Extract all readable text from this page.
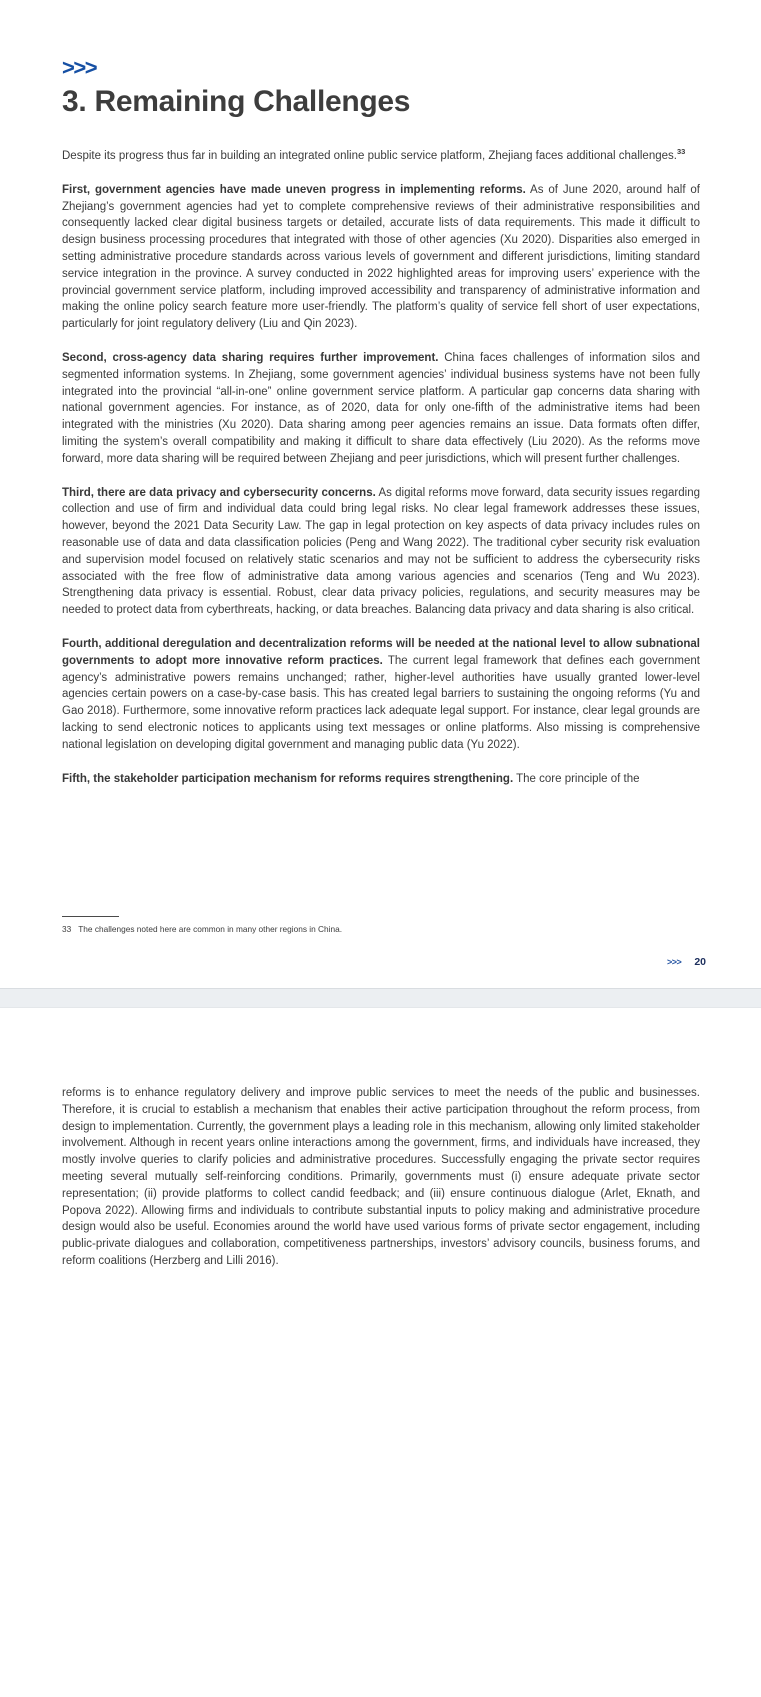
>>>
3. Remaining Challenges

Despite its progress thus far in building an integrated online public service platform, Zhejiang faces additional challenges.$^{33}$

First, government agencies have made uneven progress in implementing reforms. As of June 2020, around half of Zhejiang’s government agencies had yet to complete comprehensive reviews of their administrative responsibilities and consequently lacked clear digital business targets or detailed, accurate lists of data requirements. This made it difficult to design business processing procedures that integrated with those of other agencies (Xu 2020). Disparities also emerged in setting administrative procedure standards across various levels of government and different jurisdictions, limiting standard service integration in the province. A survey conducted in 2022 highlighted areas for improving users’ experience with the provincial government service platform, including improved accessibility and transparency of administrative information and making the online policy search feature more user-friendly. The platform’s quality of service fell short of user expectations, particularly for joint regulatory delivery (Liu and Qin 2023).

Second, cross-agency data sharing requires further improvement. China faces challenges of information silos and segmented information systems. In Zhejiang, some government agencies’ individual business systems have not been fully integrated into the provincial “all-in-one” online government service platform. A particular gap concerns data sharing with national government agencies. For instance, as of 2020, data for only one-fifth of the administrative items had been integrated with the ministries (Xu 2020). Data sharing among peer agencies remains an issue. Data formats often differ, limiting the system’s overall compatibility and making it difficult to share data effectively (Liu 2020). As the reforms move forward, more data sharing will be required between Zhejiang and peer jurisdictions, which will present further challenges.

Third, there are data privacy and cybersecurity concerns. As digital reforms move forward, data security issues regarding collection and use of firm and individual data could bring legal risks. No clear legal framework addresses these issues, however, beyond the 2021 Data Security Law. The gap in legal protection on key aspects of data privacy includes rules on reasonable use of data and data classification policies (Peng and Wang 2022). The traditional cyber security risk evaluation and supervision model focused on relatively static scenarios and may not be sufficient to address the cybersecurity risks associated with the free flow of administrative data among various agencies and scenarios (Teng and Wu 2023). Strengthening data privacy is essential. Robust, clear data privacy policies, regulations, and security measures may be needed to protect data from cyberthreats, hacking, or data breaches. Balancing data privacy and data sharing is also critical.

Fourth, additional deregulation and decentralization reforms will be needed at the national level to allow subnational governments to adopt more innovative reform practices. The current legal framework that defines each government agency’s administrative powers remains unchanged; rather, higher-level authorities have usually granted lower-level agencies certain powers on a case-by-case basis. This has created legal barriers to sustaining the ongoing reforms (Yu and Gao 2018). Furthermore, some innovative reform practices lack adequate legal support. For instance, clear legal grounds are lacking to send electronic notices to applicants using text messages or online platforms. Also missing is comprehensive national legislation on developing digital government and managing public data (Yu 2022).

Fifth, the stakeholder participation mechanism for reforms requires strengthening. The core principle of the

33 The challenges noted here are common in many other regions in China.
>>> 20

reforms is to enhance regulatory delivery and improve public services to meet the needs of the public and businesses. Therefore, it is crucial to establish a mechanism that enables their active participation throughout the reform process, from design to implementation. Currently, the government plays a leading role in this mechanism, allowing only limited stakeholder involvement. Although in recent years online interactions among the government, firms, and individuals have increased, they mostly involve queries to clarify policies and administrative procedures. Successfully engaging the private sector requires meeting several mutually self-reinforcing conditions. Primarily, governments must (i) ensure adequate private sector representation; (ii) provide platforms to collect candid feedback; and (iii) ensure continuous dialogue (Arlet, Eknath, and Popova 2022). Allowing firms and individuals to contribute substantial inputs to policy making and administrative procedure design would also be useful. Economies around the world have used various forms of private sector engagement, including public-private dialogues and collaboration, competitiveness partnerships, investors’ advisory councils, business forums, and reform coalitions (Herzberg and Lilli 2016).
